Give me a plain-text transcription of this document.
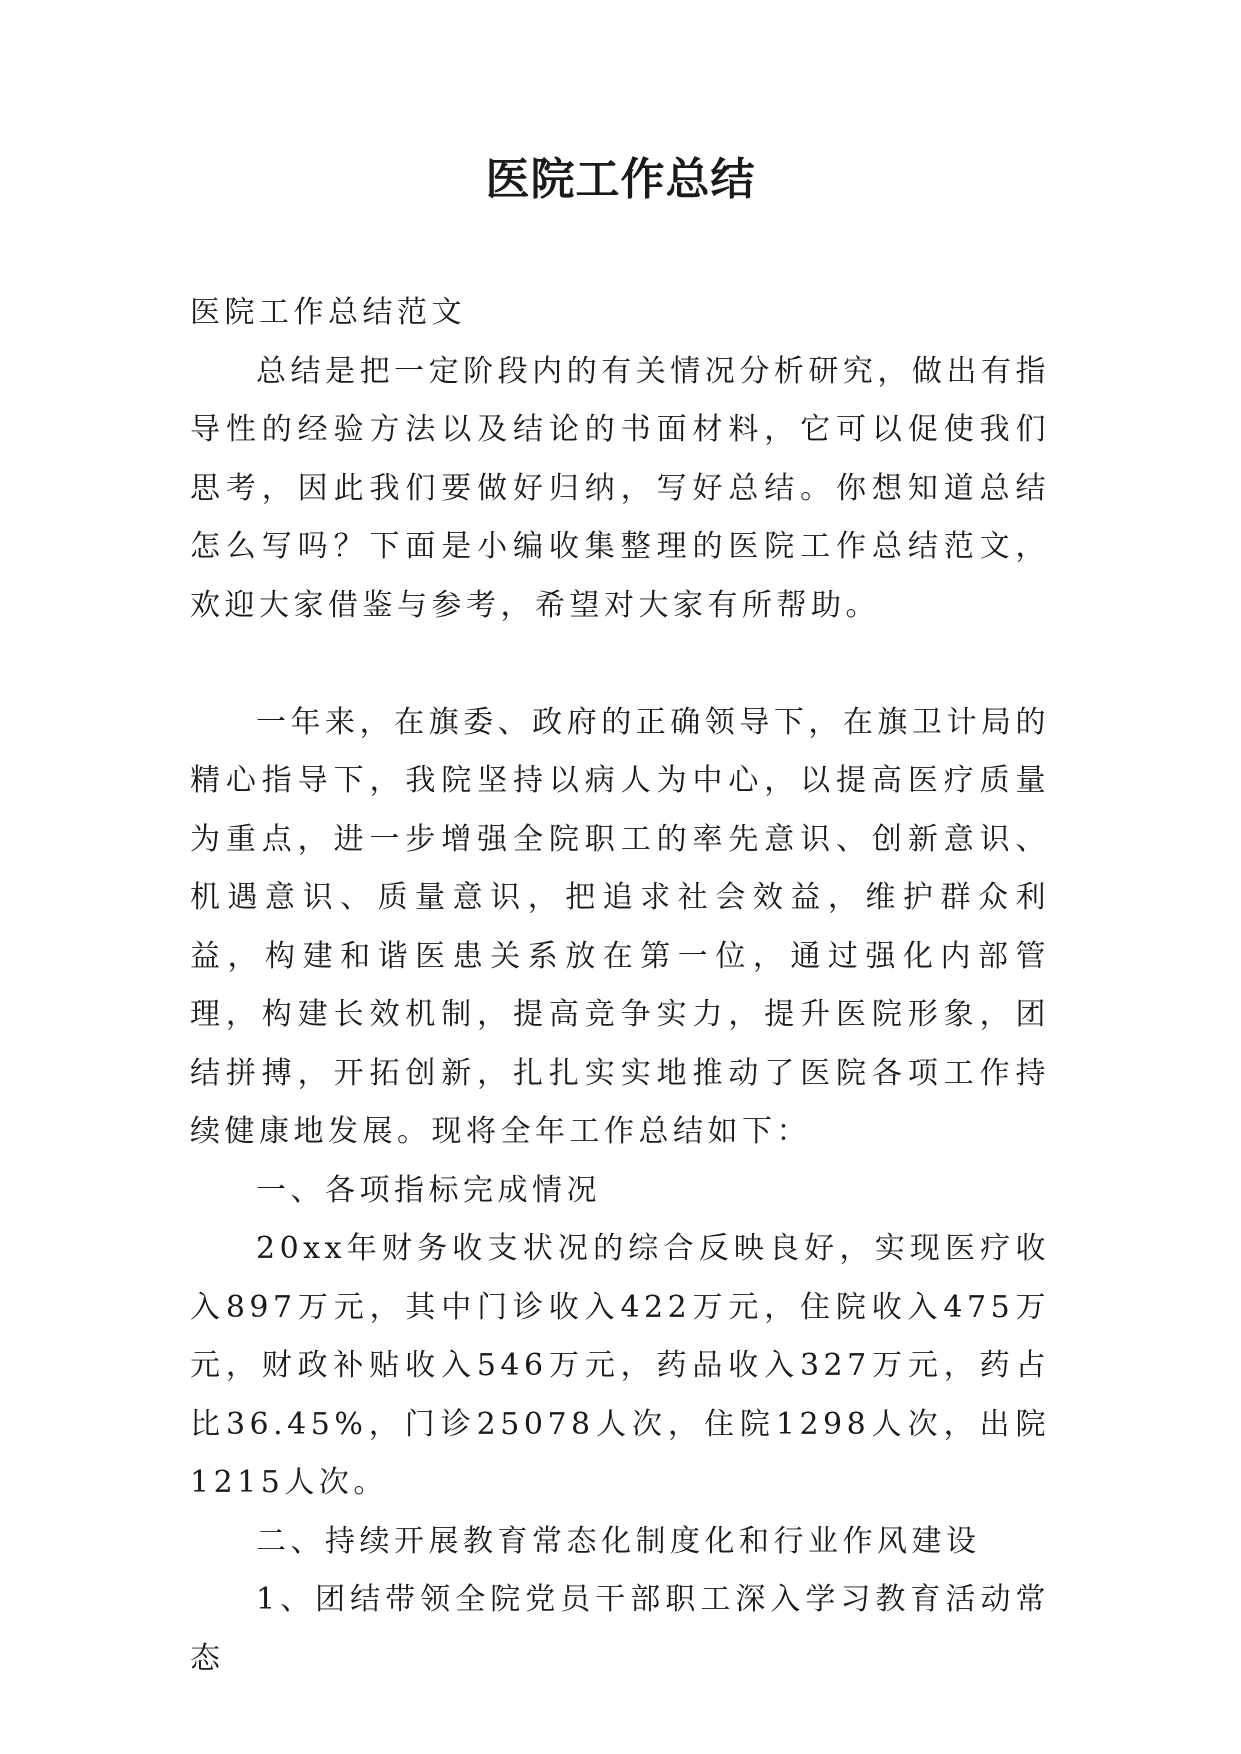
医院工作总结

医院工作总结范文

总结是把一定阶段内的有关情况分析研究，做出有指导性的经验方法以及结论的书面材料，它可以促使我们思考，因此我们要做好归纳，写好总结。你想知道总结怎么写吗？下面是小编收集整理的医院工作总结范文，欢迎大家借鉴与参考，希望对大家有所帮助。

一年来，在旗委、政府的正确领导下，在旗卫计局的精心指导下，我院坚持以病人为中心，以提高医疗质量为重点，进一步增强全院职工的率先意识、创新意识、机遇意识、质量意识，把追求社会效益，维护群众利益，构建和谐医患关系放在第一位，通过强化内部管理，构建长效机制，提高竞争实力，提升医院形象，团结拼搏，开拓创新，扎扎实实地推动了医院各项工作持续健康地发展。现将全年工作总结如下：

一、各项指标完成情况

20xx年财务收支状况的综合反映良好，实现医疗收入897万元，其中门诊收入422万元，住院收入475万元，财政补贴收入546万元，药品收入327万元，药占比36.45%，门诊25078人次，住院1298人次，出院1215人次。

二、持续开展教育常态化制度化和行业作风建设

1、团结带领全院党员干部职工深入学习教育活动常态
